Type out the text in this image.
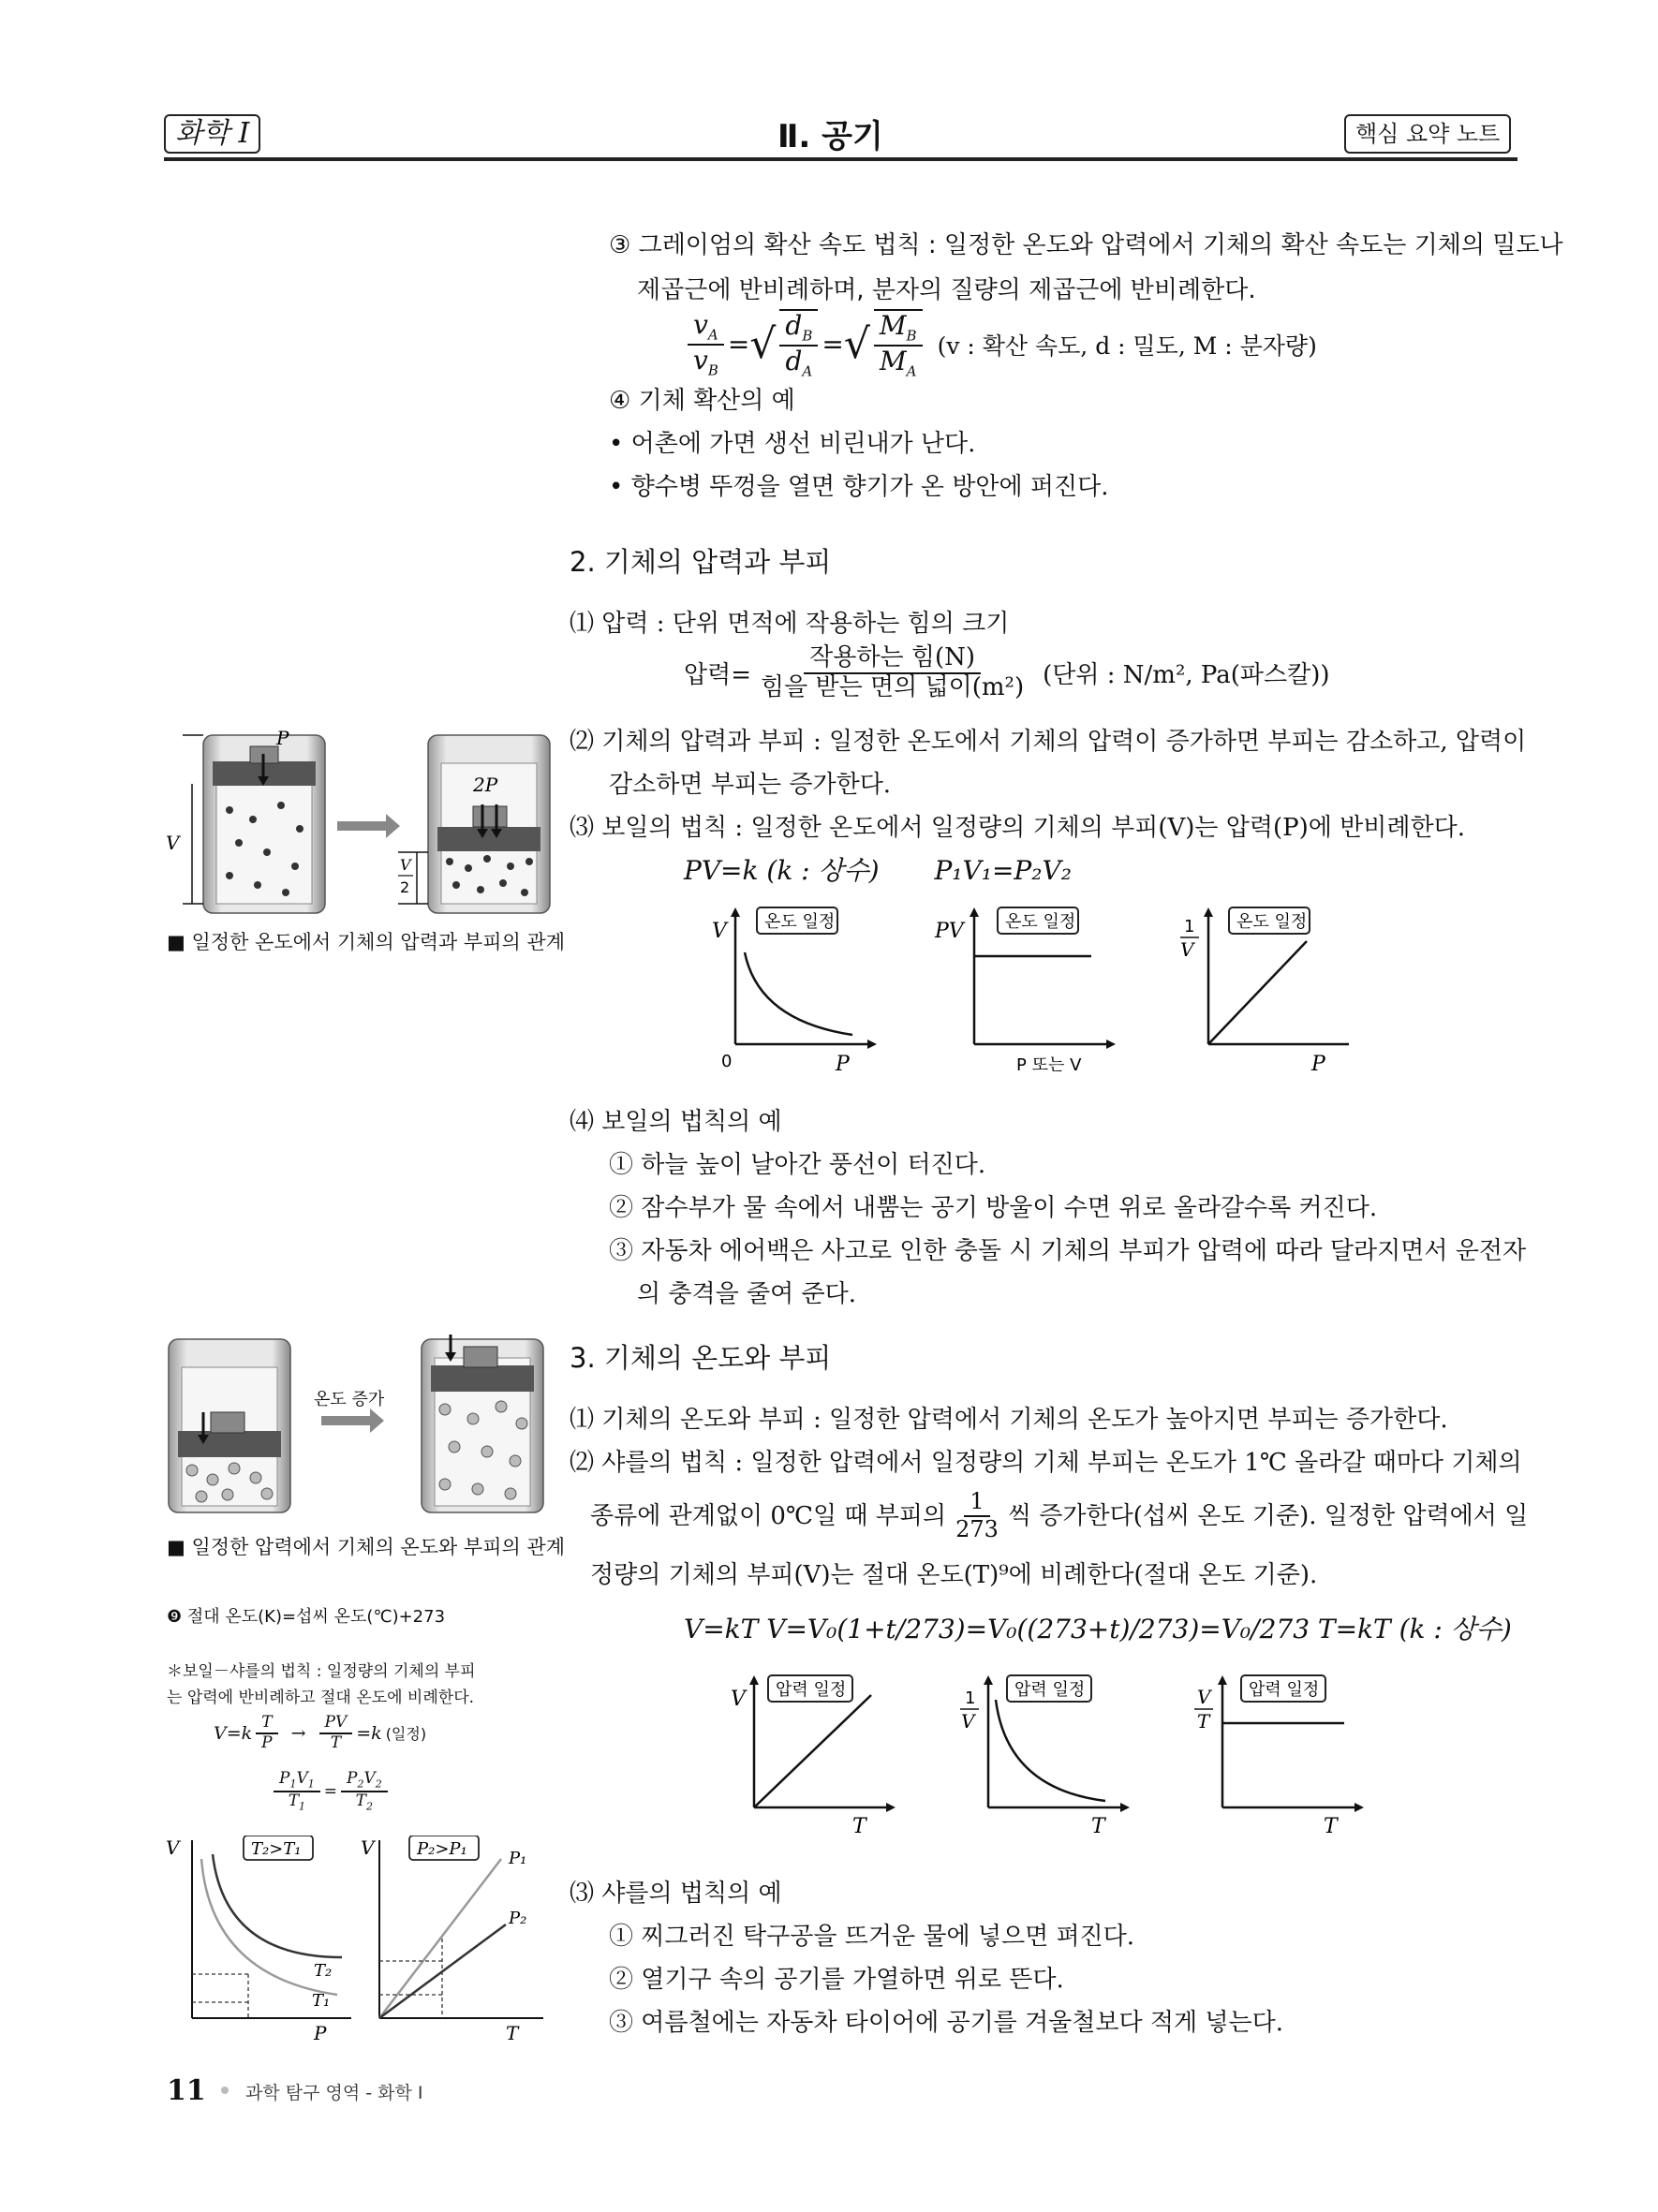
화학 I	Ⅱ. 공기	핵심 요약 노트
③ 그레이엄의 확산 속도 법칙 : 일정한 온도와 압력에서 기체의 확산 속도는 기체의 밀도나
제곱근에 반비례하며, 분자의 질량의 제곱근에 반비례한다.
$\frac{v_A}{v_B}$ = √ $\frac{d_B}{d_A}$ = √ $\frac{M_B}{M_A} (v$ : 확산 속도, d : 밀도, M : 분자량)
④ 기체 확산의 예
• 어촌에 가면 생선 비린내가 난다.
• 향수병 뚜껑을 열면 향기가 온 방안에 퍼진다.
2. 기체의 압력과 부피
⑴ 압력 : 단위 면적에 작용하는 힘의 크기
압력= $\frac{\text{작용하는 힘(N)}}{\text{힘을 받는 면의 넓이(m²)}}$ (단위 : N/m², Pa(파스칼))
⑵ 기체의 압력과 부피 : 일정한 온도에서 기체의 압력이 증가하면 부피는 감소하고, 압력이
감소하면 부피는 증가한다.
⑶ 보일의 법칙 : 일정한 온도에서 일정량의 기체의 부피(V)는 압력(P)에 반비례한다.
PV=k (k : 상수) P₁V₁=P₂V₂
V
0	P
온도 일정	PV
P 또는 V
온도 일정	1
V
P
온도 일정
⑷ 보일의 법칙의 예
① 하늘 높이 날아간 풍선이 터진다.
② 잠수부가 물 속에서 내뿜는 공기 방울이 수면 위로 올라갈수록 커진다.
③ 자동차 에어백은 사고로 인한 충돌 시 기체의 부피가 압력에 따라 달라지면서 운전자
의 충격을 줄여 준다.
P
V
2P
V
2
■ 일정한 온도에서 기체의 압력과 부피의 관계
3. 기체의 온도와 부피
⑴ 기체의 온도와 부피 : 일정한 압력에서 기체의 온도가 높아지면 부피는 증가한다.
⑵ 샤를의 법칙 : 일정한 압력에서 일정량의 기체 부피는 온도가 1℃ 올라갈 때마다 기체의
종류에 관계없이 0℃일 때 부피의 $\frac{1}{273}$ 씩 증가한다(섭씨 온도 기준). 일정한 압력에서 일
정량의 기체의 부피(V)는 절대 온도(T)⁹에 비례한다(절대 온도 기준).
V=kT V=V₀(1+t/273)=V₀((273+t)/273)=V₀/273 T=kT (k : 상수)
V
T
압력 일정	1
V
T
압력 일정	V
T
T
압력 일정
⑶ 샤를의 법칙의 예
① 찌그러진 탁구공을 뜨거운 물에 넣으면 펴진다.
② 열기구 속의 공기를 가열하면 위로 뜬다.
③ 여름철에는 자동차 타이어에 공기를 겨울철보다 적게 넣는다.
온도 증가
■ 일정한 압력에서 기체의 온도와 부피의 관계
❾ 절대 온도(K)=섭씨 온도(℃)+273
＊보일－샤를의 법칙 : 일정량의 기체의 부피
는 압력에 반비례하고 절대 온도에 비례한다.
$V=k \frac{T}{P} \to \frac{PV}{T} =k$ (일정)
$\frac{P_1V_1}{T_1} = \frac{P_2V_2}{T_2}$
V
P
T₂
T₁
T₂>T₁	V
T
P₁
P₂
P₂>P₁
11 과학 탐구 영역 - 화학 Ⅰ
